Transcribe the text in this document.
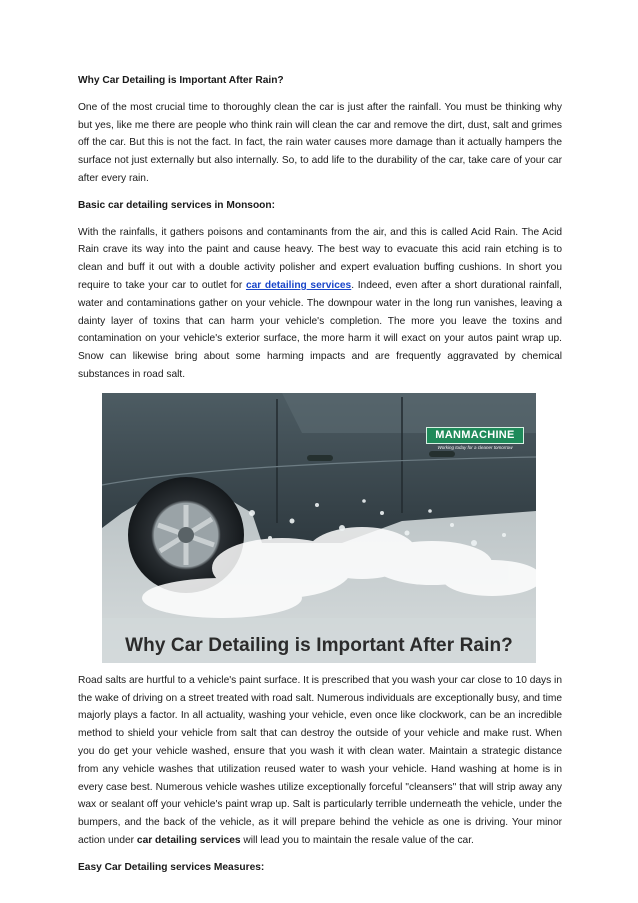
Why Car Detailing is Important After Rain?
One of the most crucial time to thoroughly clean the car is just after the rainfall. You must be thinking why but yes, like me there are people who think rain will clean the car and remove the dirt, dust, salt and grimes off the car. But this is not the fact. In fact, the rain water causes more damage than it actually hampers the surface not just externally but also internally. So, to add life to the durability of the car, take care of your car after every rain.
Basic car detailing services in Monsoon:
With the rainfalls, it gathers poisons and contaminants from the air, and this is called Acid Rain. The Acid Rain crave its way into the paint and cause heavy. The best way to evacuate this acid rain etching is to clean and buff it out with a double activity polisher and expert evaluation buffing cushions. In short you require to take your car to outlet for car detailing services. Indeed, even after a short durational rainfall, water and contaminations gather on your vehicle. The downpour water in the long run vanishes, leaving a dainty layer of toxins that can harm your vehicle's completion. The more you leave the toxins and contamination on your vehicle's exterior surface, the more harm it will exact on your autos paint wrap up. Snow can likewise bring about some harming impacts and are frequently aggravated by chemical substances in road salt.
MANMACHINE
Working today for a cleaner tomorrow
Why Car Detailing is Important After Rain?
Road salts are hurtful to a vehicle's paint surface. It is prescribed that you wash your car close to 10 days in the wake of driving on a street treated with road salt. Numerous individuals are exceptionally busy, and time majorly plays a factor. In all actuality, washing your vehicle, even once like clockwork, can be an incredible method to shield your vehicle from salt that can destroy the outside of your vehicle and make rust. When you do get your vehicle washed, ensure that you wash it with clean water. Maintain a strategic distance from any vehicle washes that utilization reused water to wash your vehicle. Hand washing at home is in every case best. Numerous vehicle washes utilize exceptionally forceful "cleansers" that will strip away any wax or sealant off your vehicle's paint wrap up. Salt is particularly terrible underneath the vehicle, under the bumpers, and the back of the vehicle, as it will prepare behind the vehicle as one is driving. Your minor action under car detailing services will lead you to maintain the resale value of the car.
Easy Car Detailing services Measures:
